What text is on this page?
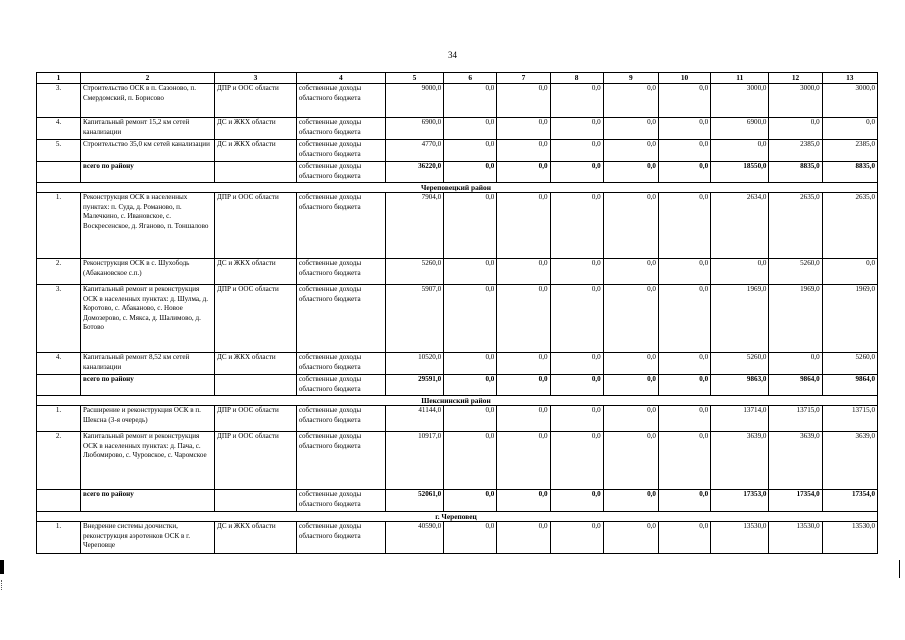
34
1	2	3	4	5	6	7	8	9	10	11	12	13
3.	Строительство ОСК в п. Сазоново, п. Смердомский, п. Борисово	ДПР и ООС области	собственные доходы областного бюджета	9000,0	0,0	0,0	0,0	0,0	0,0	3000,0	3000,0	3000,0
4.	Капитальный ремонт 15,2 км сетей канализации	ДС и ЖКХ области	собственные доходы областного бюджета	6900,0	0,0	0,0	0,0	0,0	0,0	6900,0	0,0	0,0
5.	Строительство 35,0 км сетей канализации	ДС и ЖКХ области	собственные доходы областного бюджета	4770,0	0,0	0,0	0,0	0,0	0,0	0,0	2385,0	2385,0
	всего по району		собственные доходы областного бюджета	36220,0	0,0	0,0	0,0	0,0	0,0	18550,0	8835,0	8835,0
Череповецкий район												
1.	Реконструкция ОСК в населенных пунктах: п. Суда, д. Романово, п. Малечкино, с. Ивановское, с. Воскресенское, д. Яганово, п. Тоншалово	ДПР и ООС области	собственные доходы областного бюджета	7904,0	0,0	0,0	0,0	0,0	0,0	2634,0	2635,0	2635,0
2.	Реконструкция ОСК в с. Шухободь (Абакановское с.п.)	ДС и ЖКХ области	собственные доходы областного бюджета	5260,0	0,0	0,0	0,0	0,0	0,0	0,0	5260,0	0,0
3.	Капитальный ремонт и реконструкция ОСК в населенных пунктах: д. Шулма, д. Коротово, с. Абаканово, с. Новое Домозерово, с. Мякса, д. Шалимово, д. Ботово	ДПР и ООС области	собственные доходы областного бюджета	5907,0	0,0	0,0	0,0	0,0	0,0	1969,0	1969,0	1969,0
4.	Капитальный ремонт 8,52 км сетей канализации	ДС и ЖКХ области	собственные доходы областного бюджета	10520,0	0,0	0,0	0,0	0,0	0,0	5260,0	0,0	5260,0
	всего по району		собственные доходы областного бюджета	29591,0	0,0	0,0	0,0	0,0	0,0	9863,0	9864,0	9864,0
Шекснинский район												
1.	Расширение и реконструкция ОСК в п. Шексна (3-я очередь)	ДПР и ООС области	собственные доходы областного бюджета	41144,0	0,0	0,0	0,0	0,0	0,0	13714,0	13715,0	13715,0
2.	Капитальный ремонт и реконструкция ОСК в населенных пунктах: д. Пача, с. Любомирово, с. Чуровское, с. Чаромское	ДПР и ООС области	собственные доходы областного бюджета	10917,0	0,0	0,0	0,0	0,0	0,0	3639,0	3639,0	3639,0
	всего по району		собственные доходы областного бюджета	52061,0	0,0	0,0	0,0	0,0	0,0	17353,0	17354,0	17354,0
г. Череповец												
1.	Внедрение системы доочистки, реконструкция аэротенков ОСК в г. Череповце	ДС и ЖКХ области	собственные доходы областного бюджета	40590,0	0,0	0,0	0,0	0,0	0,0	13530,0	13530,0	13530,0
